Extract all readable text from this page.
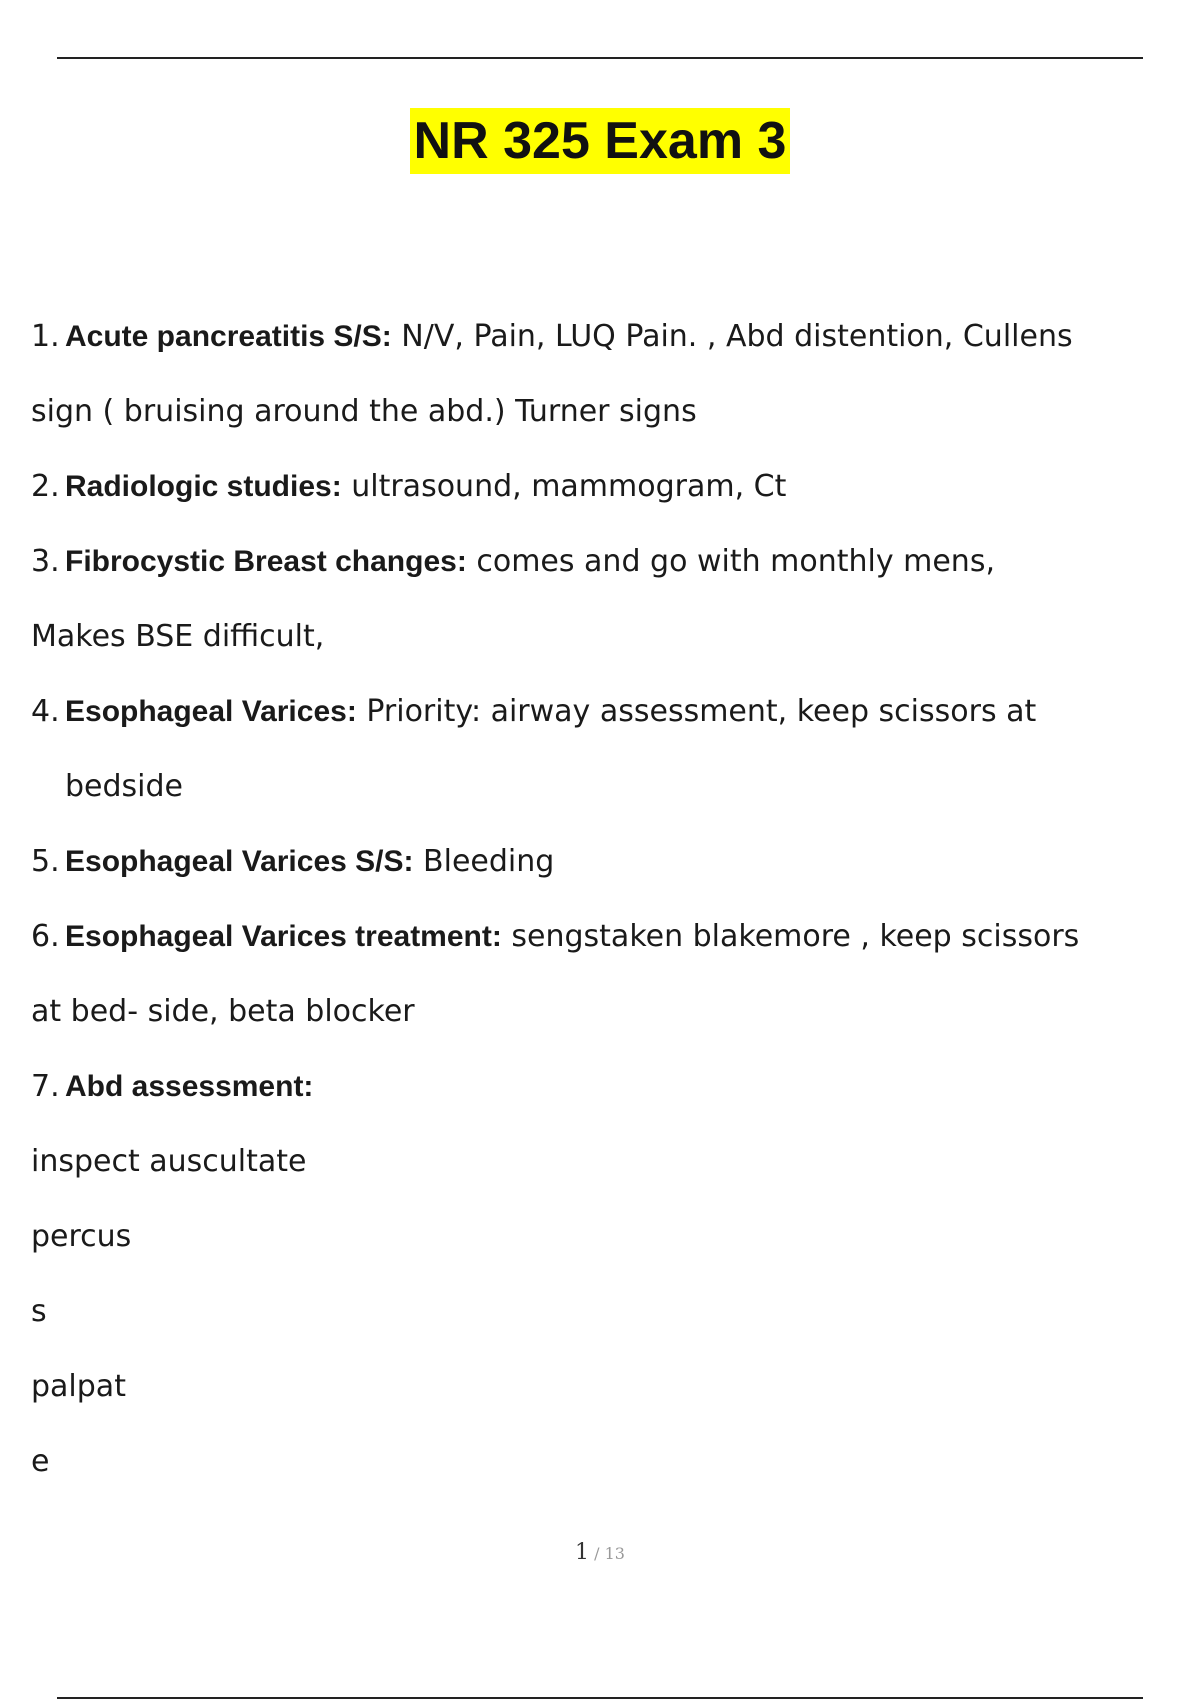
NR 325 Exam 3
1. Acute pancreatitis S/S: N/V, Pain, LUQ Pain. , Abd distention, Cullens
sign ( bruising around the abd.) Turner signs
2. Radiologic studies: ultrasound, mammogram, Ct
3. Fibrocystic Breast changes: comes and go with monthly mens,
Makes BSE difficult,
4. Esophageal Varices: Priority: airway assessment, keep scissors at
bedside
5. Esophageal Varices S/S: Bleeding
6. Esophageal Varices treatment: sengstaken blakemore , keep scissors
at bed- side, beta blocker
7. Abd assessment:
inspect auscultate
percus
s
palpat
e
1 / 13
